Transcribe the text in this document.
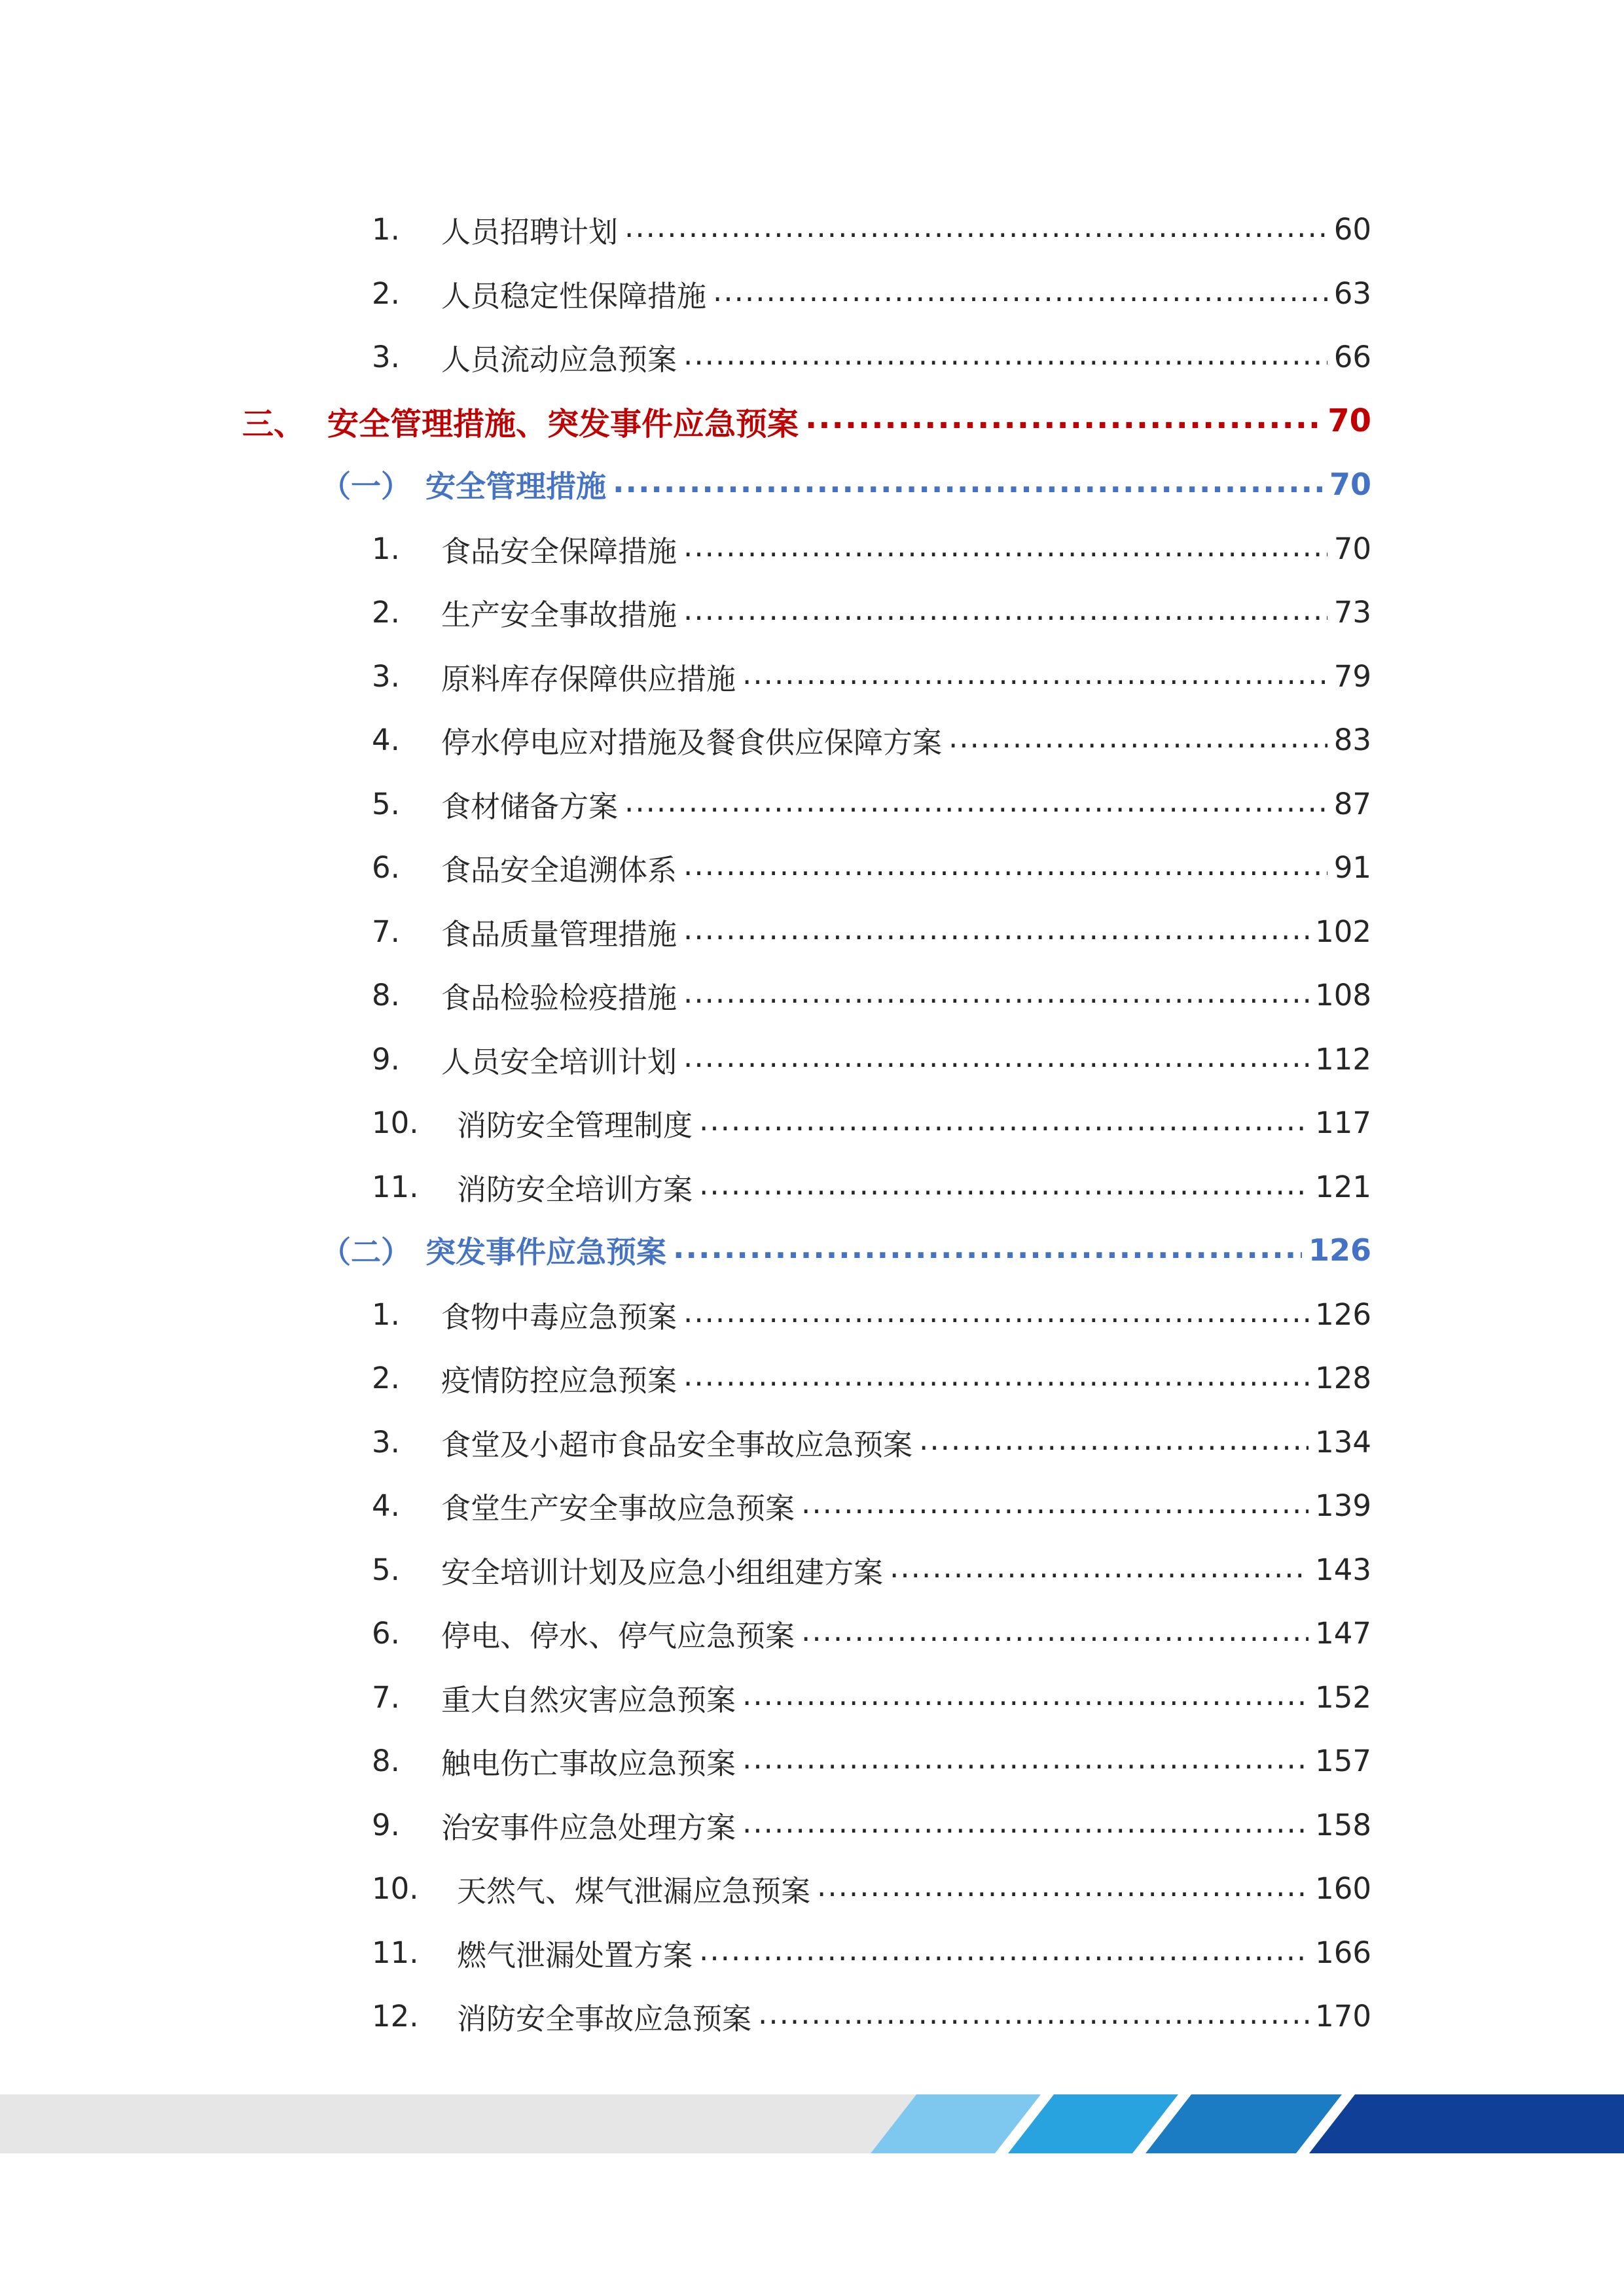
1.	人员招聘计划 .....	60
2.	人员稳定性保障措施 .....	63
3.	人员流动应急预案 .....	66
三、 安全管理措施、突发事件应急预案 .....	70
（一） 安全管理措施 .....	70
1.	食品安全保障措施 .....	70
2.	生产安全事故措施 .....	73
3.	原料库存保障供应措施 .....	79
4.	停水停电应对措施及餐食供应保障方案 .....	83
5.	食材储备方案 .....	87
6.	食品安全追溯体系 .....	91
7.	食品质量管理措施 .....	102
8.	食品检验检疫措施 .....	108
9.	人员安全培训计划 .....	112
10.	消防安全管理制度 .....	117
11.	消防安全培训方案 .....	121
（二） 突发事件应急预案 .....	126
1.	食物中毒应急预案 .....	126
2.	疫情防控应急预案 .....	128
3.	食堂及小超市食品安全事故应急预案 .....	134
4.	食堂生产安全事故应急预案 .....	139
5.	安全培训计划及应急小组组建方案 .....	143
6.	停电、停水、停气应急预案 .....	147
7.	重大自然灾害应急预案 .....	152
8.	触电伤亡事故应急预案 .....	157
9.	治安事件应急处理方案 .....	158
10.	天然气、煤气泄漏应急预案 .....	160
11.	燃气泄漏处置方案 .....	166
12.	消防安全事故应急预案 .....	170
